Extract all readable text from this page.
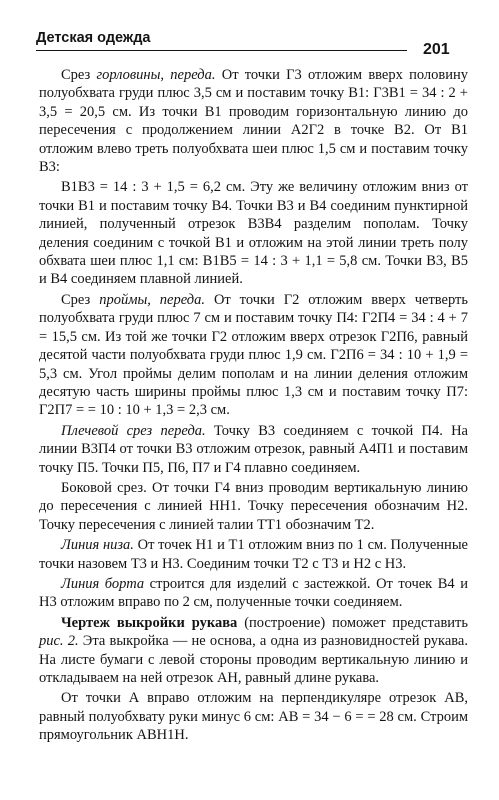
Детская одежда
201

Срез горловины, переда. От точки Г3 отложим вверх половину полуобхвата груди плюс 3,5 см и поставим точку В1: Г3В1 = 34 : 2 + 3,5 = 20,5 см. Из точки В1 проводим горизонтальную линию до пересечения с продолжением линии А2Г2 в точке В2. От В1 отложим влево треть полуобхвата шеи плюс 1,5 см и поставим точку В3:

В1В3 = 14 : 3 + 1,5 = 6,2 см. Эту же величину отложим вниз от точки В1 и поставим точку В4. Точки В3 и В4 соединим пунктирной линией, полученный отрезок В3В4 разделим пополам. Точку деления соединим с точкой В1 и отложим на этой линии треть полу обхвата шеи плюс 1,1 см: В1В5 = 14 : 3 + 1,1 = 5,8 см. Точки В3, В5 и В4 соединяем плавной линией.

Срез проймы, переда. От точки Г2 отложим вверх четверть полуобхвата груди плюс 7 см и поставим точку П4: Г2П4 = 34 : 4 + 7 = 15,5 см. Из той же точки Г2 отложим вверх отрезок Г2П6, равный десятой части полуобхвата груди плюс 1,9 см. Г2П6 = 34 : 10 + 1,9 = 5,3 см. Угол проймы делим пополам и на линии деления отложим десятую часть ширины проймы плюс 1,3 см и поставим точку П7: Г2П7 = = 10 : 10 + 1,3 = 2,3 см.

Плечевой срез переда. Точку В3 соединяем с точкой П4. На линии В3П4 от точки В3 отложим отрезок, равный А4П1 и поставим точку П5. Точки П5, П6, П7 и Г4 плавно соединяем.

Боковой срез. От точки Г4 вниз проводим вертикальную линию до пересечения с линией НН1. Точку пересечения обозначим Н2. Точку пересечения с линией талии ТТ1 обозначим Т2.

Линия низа. От точек Н1 и Т1 отложим вниз по 1 см. Полученные точки назовем Т3 и Н3. Соединим точки Т2 с Т3 и Н2 с Н3.

Линия борта строится для изделий с застежкой. От точек В4 и Н3 отложим вправо по 2 см, полученные точки соединяем.

Чертеж выкройки рукава (построение) поможет представить рис. 2. Эта выкройка — не основа, а одна из разновидностей рукава. На листе бумаги с левой стороны проводим вертикальную линию и откладываем на ней отрезок АН, равный длине рукава.

От точки А вправо отложим на перпендикуляре отрезок АВ, равный полуобхвату руки минус 6 см: АВ = 34 − 6 = = 28 см. Строим прямоугольник АВН1Н.
